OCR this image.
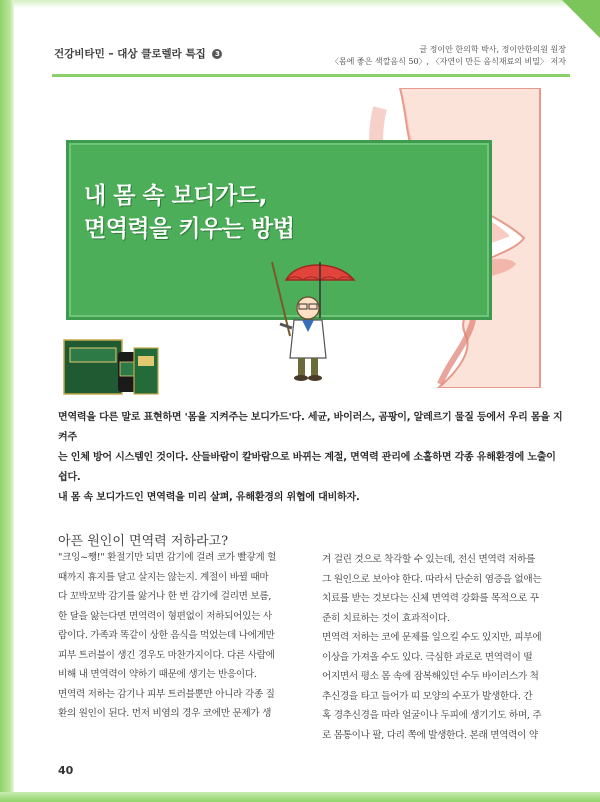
건강비타민 – 대상 클로렐라 특집 3	글 정이안 한의학 박사, 정이안한의원 원장
〈몸에 좋은 색깔음식 50〉, 〈자연이 만든 음식재료의 비밀〉 저자
내 몸 속 보디가드,
면역력을 키우는 방법
면역력을 다른 말로 표현하면 '몸을 지켜주는 보디가드'다. 세균, 바이러스, 곰팡이, 알레르기 물질 등에서 우리 몸을 지켜주
는 인체 방어 시스템인 것이다. 산들바람이 칼바람으로 바뀌는 계절, 면역력 관리에 소홀하면 각종 유해환경에 노출이 쉽다.
내 몸 속 보디가드인 면역력을 미리 살펴, 유해환경의 위협에 대비하자.
아픈 원인이 면역력 저하라고?

"크잉~쨍!" 환절기만 되면 감기에 걸려 코가 빨갛게 헐

때까지 휴지를 달고 살지는 않는지. 계절이 바뀔 때마

다 꼬박꼬박 감기를 앓거나 한 번 감기에 걸리면 보름,

한 달을 앓는다면 면역력이 형편없이 저하되어있는 사

람이다. 가족과 똑같이 상한 음식을 먹었는데 나에게만

피부 트러블이 생긴 경우도 마찬가지이다. 다른 사람에

비해 내 면역력이 약하기 때문에 생기는 반응이다.

면역력 저하는 감기나 피부 트러블뿐만 아니라 각종 질

환의 원인이 된다. 먼저 비염의 경우 코에만 문제가 생

겨 걸린 것으로 착각할 수 있는데, 전신 면역력 저하를

그 원인으로 보아야 한다. 따라서 단순히 염증을 없애는

치료를 받는 것보다는 신체 면역력 강화를 목적으로 꾸

준히 치료하는 것이 효과적이다.

면역력 저하는 코에 문제를 일으킬 수도 있지만, 피부에

이상을 가져올 수도 있다. 극심한 과로로 면역력이 떨

어지면서 평소 몸 속에 잠복해있던 수두 바이러스가 척

추신경을 타고 들어가 띠 모양의 수포가 발생한다. 간

혹 경추신경을 따라 얼굴이나 두피에 생기기도 하며, 주

로 몸통이나 팔, 다리 쪽에 발생한다. 본래 면역력이 약

40
